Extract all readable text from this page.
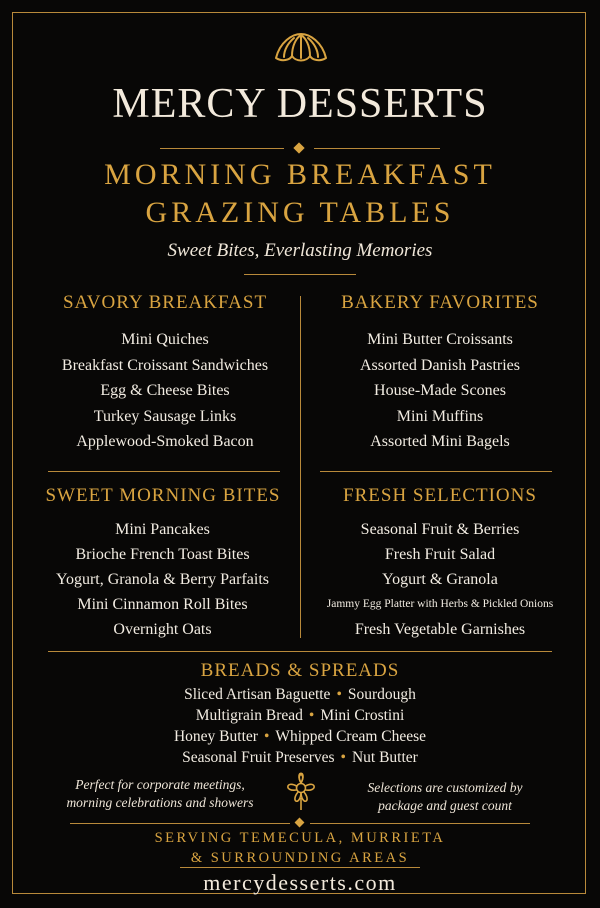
MERCY DESSERTS
MORNING BREAKFAST
GRAZING TABLES
Sweet Bites, Everlasting Memories
SAVORY BREAKFAST
Mini Quiches
Breakfast Croissant Sandwiches
Egg & Cheese Bites
Turkey Sausage Links
Applewood-Smoked Bacon
BAKERY FAVORITES
Mini Butter Croissants
Assorted Danish Pastries
House-Made Scones
Mini Muffins
Assorted Mini Bagels
SWEET MORNING BITES
Mini Pancakes
Brioche French Toast Bites
Yogurt, Granola & Berry Parfaits
Mini Cinnamon Roll Bites
Overnight Oats
FRESH SELECTIONS
Seasonal Fruit & Berries
Fresh Fruit Salad
Yogurt & Granola
Jammy Egg Platter with Herbs & Pickled Onions
Fresh Vegetable Garnishes
BREADS & SPREADS
Sliced Artisan Baguette • Sourdough
Multigrain Bread • Mini Crostini
Honey Butter • Whipped Cream Cheese
Seasonal Fruit Preserves • Nut Butter
Perfect for corporate meetings,
morning celebrations and showers
Selections are customized by
package and guest count
SERVING TEMECULA, MURRIETA
& SURROUNDING AREAS
mercydesserts.com
